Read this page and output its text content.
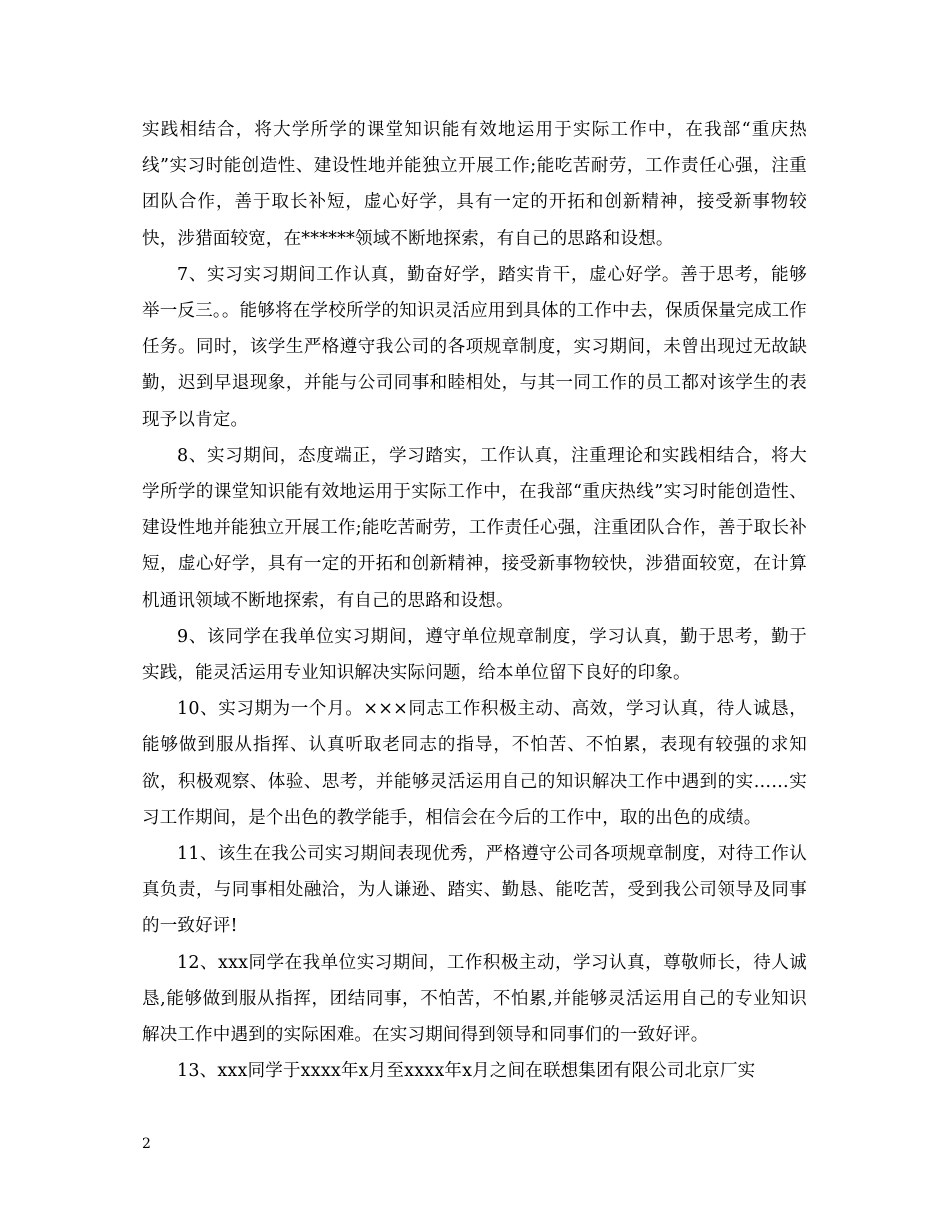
实践相结合，将大学所学的课堂知识能有效地运用于实际工作中，在我部“重庆热线”实习时能创造性、建设性地并能独立开展工作;能吃苦耐劳，工作责任心强，注重团队合作，善于取长补短，虚心好学，具有一定的开拓和创新精神，接受新事物较快，涉猎面较宽，在******领域不断地探索，有自己的思路和设想。

7、实习实习期间工作认真，勤奋好学，踏实肯干，虚心好学。善于思考，能够举一反三。。能够将在学校所学的知识灵活应用到具体的工作中去，保质保量完成工作任务。同时，该学生严格遵守我公司的各项规章制度，实习期间，未曾出现过无故缺勤，迟到早退现象，并能与公司同事和睦相处，与其一同工作的员工都对该学生的表现予以肯定。

8、实习期间，态度端正，学习踏实，工作认真，注重理论和实践相结合，将大学所学的课堂知识能有效地运用于实际工作中，在我部“重庆热线”实习时能创造性、建设性地并能独立开展工作;能吃苦耐劳，工作责任心强，注重团队合作，善于取长补短，虚心好学，具有一定的开拓和创新精神，接受新事物较快，涉猎面较宽，在计算机通讯领域不断地探索，有自己的思路和设想。

9、该同学在我单位实习期间，遵守单位规章制度，学习认真，勤于思考，勤于实践，能灵活运用专业知识解决实际问题，给本单位留下良好的印象。

10、实习期为一个月。×××同志工作积极主动、高效，学习认真，待人诚恳，能够做到服从指挥、认真听取老同志的指导，不怕苦、不怕累，表现有较强的求知欲，积极观察、体验、思考，并能够灵活运用自己的知识解决工作中遇到的实……实习工作期间，是个出色的教学能手，相信会在今后的工作中，取的出色的成绩。

11、该生在我公司实习期间表现优秀，严格遵守公司各项规章制度，对待工作认真负责，与同事相处融洽，为人谦逊、踏实、勤恳、能吃苦，受到我公司领导及同事的一致好评!

12、xxx同学在我单位实习期间，工作积极主动，学习认真，尊敬师长，待人诚恳,能够做到服从指挥，团结同事，不怕苦，不怕累,并能够灵活运用自己的专业知识解决工作中遇到的实际困难。在实习期间得到领导和同事们的一致好评。

13、xxx同学于xxxx年x月至xxxx年x月之间在联想集团有限公司北京厂实

2
